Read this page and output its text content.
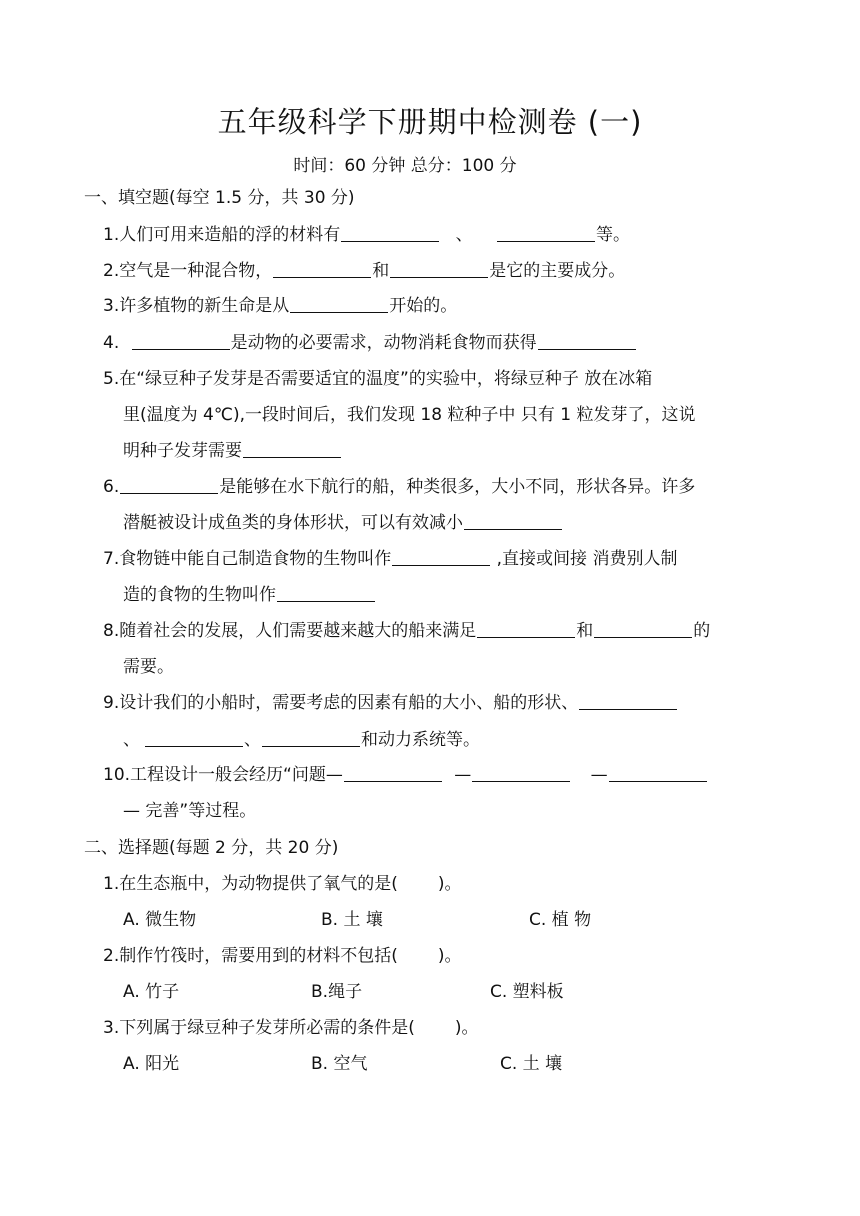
五年级科学下册期中检测卷 (一)
时间：60 分钟 总分：100 分
一、填空题(每空 1.5 分，共 30 分)
1.人们可用来造船的浮的材料有	、	等。
2.空气是一种混合物，	和	是它的主要成分。
3.许多植物的新生命是从	开始的。
4.	是动物的必要需求，动物消耗食物而获得
5.在“绿豆种子发芽是否需要适宜的温度”的实验中，将绿豆种子 放在冰箱
里(温度为 4℃),一段时间后，我们发现 18 粒种子中 只有 1 粒发芽了，这说
明种子发芽需要
6.	是能够在水下航行的船，种类很多，大小不同，形状各异。许多
潜艇被设计成鱼类的身体形状，可以有效减小
7.食物链中能自己制造食物的生物叫作	,直接或间接 消费别人制
造的食物的生物叫作
8.随着社会的发展，人们需要越来越大的船来满足	和	的
需要。
9.设计我们的小船时，需要考虑的因素有船的大小、船的形状、
、	、	和动力系统等。
10.工程设计一般会经历“问题—	—	—
— 完善”等过程。
二、选择题(每题 2 分，共 20 分)
1.在生态瓶中，为动物提供了氧气的是( )。
A. 微生物	B. 土 壤	C. 植 物
2.制作竹筏时，需要用到的材料不包括( )。
A. 竹子	B.绳子	C. 塑料板
3.下列属于绿豆种子发芽所必需的条件是( )。
A. 阳光	B. 空气	C. 土 壤
